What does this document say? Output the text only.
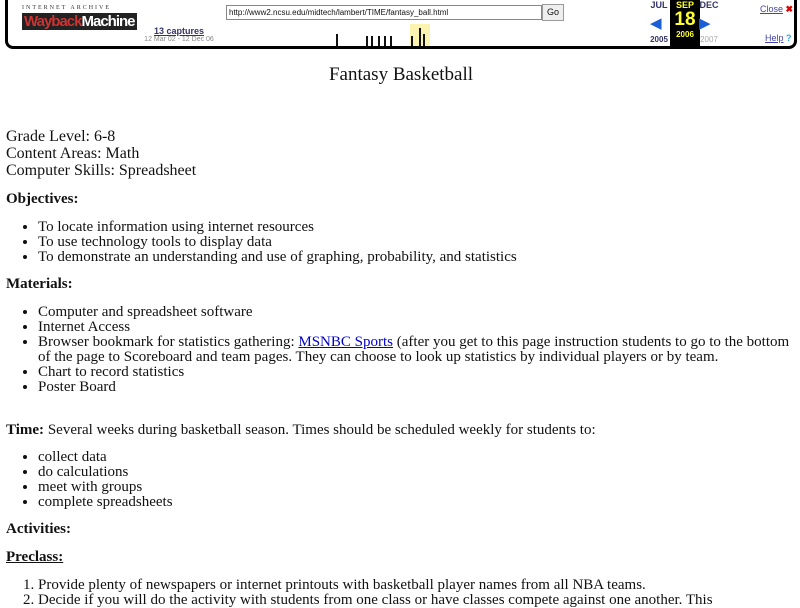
INTERNET ARCHIVE
WaybackMachine
13 captures
12 Mar 02 - 12 Dec 06
http://www2.ncsu.edu/midtech/lambert/TIME/fantasy_ball.html	Go
JUL SEP
18
2006
DEC
◀ ▶
2005	2007
Close ✖
Help ?
Fantasy Basketball
Grade Level: 6-8
Content Areas: Math
Computer Skills: Spreadsheet
Objectives:
• To locate information using internet resources
• To use technology tools to display data
• To demonstrate an understanding and use of graphing, probability, and statistics
Materials:
• Computer and spreadsheet software
• Internet Access
• Browser bookmark for statistics gathering: MSNBC Sports (after you get to this page instruction students to go to the bottom of the page to Scoreboard and team pages. They can choose to look up statistics by individual players or by team.
• Chart to record statistics
• Poster Board
Time: Several weeks during basketball season. Times should be scheduled weekly for students to:
• collect data
• do calculations
• meet with groups
• complete spreadsheets
Activities:
Preclass:
1. Provide plenty of newspapers or internet printouts with basketball player names from all NBA teams.
2. Decide if you will do the activity with students from one class or have classes compete against one another. This
